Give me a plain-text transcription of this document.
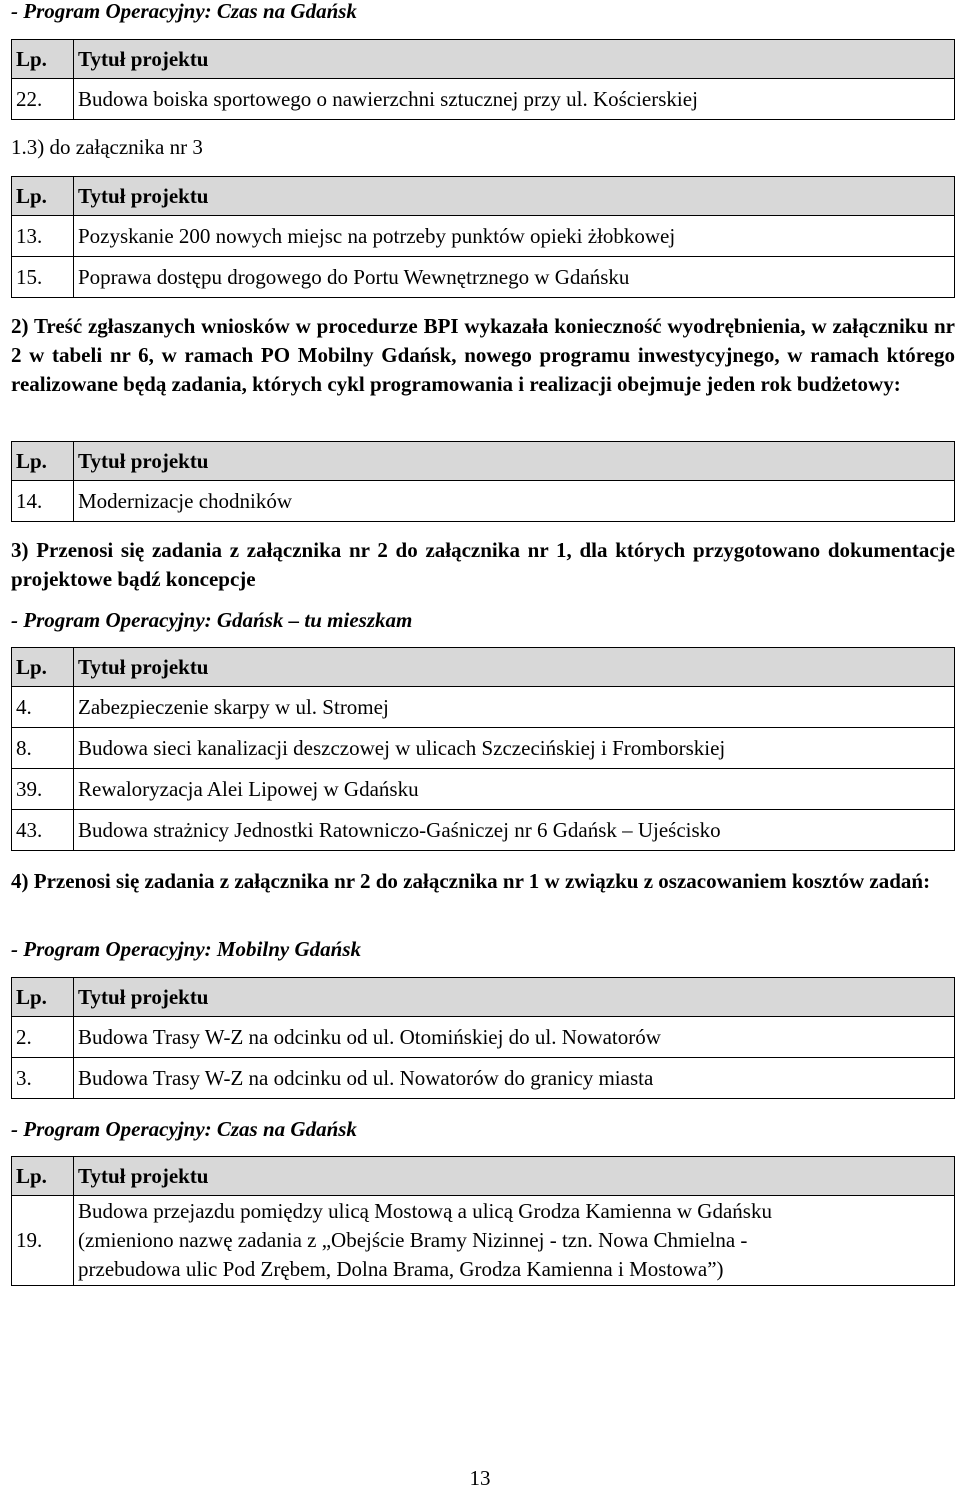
- Program Operacyjny: Czas na Gdańsk

Lp.	Tytuł projektu
22.	Budowa boiska sportowego o nawierzchni sztucznej przy ul. Kościerskiej

1.3) do załącznika nr 3

Lp.	Tytuł projektu
13.	Pozyskanie 200 nowych miejsc na potrzeby punktów opieki żłobkowej
15.	Poprawa dostępu drogowego do Portu Wewnętrznego w Gdańsku

2) Treść zgłaszanych wniosków w procedurze BPI wykazała konieczność wyodrębnienia, w załączniku nr 2 w tabeli nr 6, w ramach PO Mobilny Gdańsk, nowego programu inwestycyjnego, w ramach którego realizowane będą zadania, których cykl programowania i realizacji obejmuje jeden rok budżetowy:

Lp.	Tytuł projektu
14.	Modernizacje chodników

3) Przenosi się zadania z załącznika nr 2 do załącznika nr 1, dla których przygotowano dokumentacje projektowe bądź koncepcje

- Program Operacyjny: Gdańsk – tu mieszkam

Lp.	Tytuł projektu
4.	Zabezpieczenie skarpy w ul. Stromej
8.	Budowa sieci kanalizacji deszczowej w ulicach Szczecińskiej i Fromborskiej
39.	Rewaloryzacja Alei Lipowej w Gdańsku
43.	Budowa strażnicy Jednostki Ratowniczo-Gaśniczej nr 6 Gdańsk – Ujeścisko

4) Przenosi się zadania z załącznika nr 2 do załącznika nr 1 w związku z oszacowaniem kosztów zadań:

- Program Operacyjny: Mobilny Gdańsk

Lp.	Tytuł projektu
2.	Budowa Trasy W-Z na odcinku od ul. Otomińskiej do ul. Nowatorów
3.	Budowa Trasy W-Z na odcinku od ul. Nowatorów do granicy miasta

- Program Operacyjny: Czas na Gdańsk

Lp.	Tytuł projektu
19.	Budowa przejazdu pomiędzy ulicą Mostową a ulicą Grodza Kamienna w Gdańsku
(zmieniono nazwę zadania z „Obejście Bramy Nizinnej - tzn. Nowa Chmielna -
przebudowa ulic Pod Zrębem, Dolna Brama, Grodza Kamienna i Mostowa”)
13
